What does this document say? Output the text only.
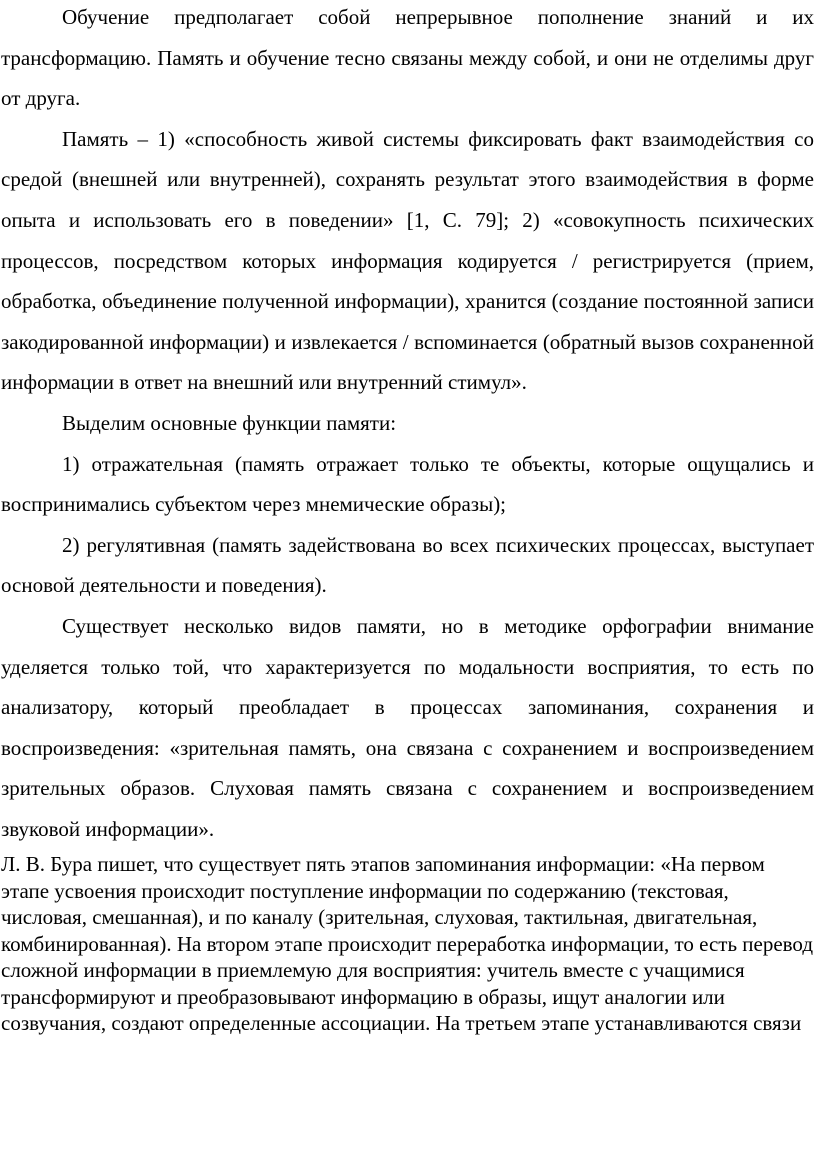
Обучение предполагает собой непрерывное пополнение знаний и их трансформацию. Память и обучение тесно связаны между собой, и они не отделимы друг от друга.

Память – 1) «способность живой системы фиксировать факт взаимодействия со средой (внешней или внутренней), сохранять результат этого взаимодействия в форме опыта и использовать его в поведении» [1, С. 79]; 2) «совокупность психических процессов, посредством которых информация кодируется / регистрируется (прием, обработка, объединение полученной информации), хранится (создание постоянной записи закодированной информации) и извлекается / вспоминается (обратный вызов сохраненной информации в ответ на внешний или внутренний стимул».

Выделим основные функции памяти:

1) отражательная (память отражает только те объекты, которые ощущались и воспринимались субъектом через мнемические образы);

2) регулятивная (память задействована во всех психических процессах, выступает основой деятельности и поведения).

Существует несколько видов памяти, но в методике орфографии внимание уделяется только той, что характеризуется по модальности восприятия, то есть по анализатору, который преобладает в процессах запоминания, сохранения и воспроизведения: «зрительная память, она связана с сохранением и воспроизведением зрительных образов. Слуховая память связана с сохранением и воспроизведением звуковой информации».

Л. В. Бура пишет, что существует пять этапов запоминания информации: «На первом этапе усвоения происходит поступление информации по содержанию (текстовая, числовая, смешанная), и по каналу (зрительная, слуховая, тактильная, двигательная, комбинированная). На втором этапе происходит переработка информации, то есть перевод сложной информации в приемлемую для восприятия: учитель вместе с учащимися трансформируют и преобразовывают информацию в образы, ищут аналогии или созвучания, создают определенные ассоциации. На третьем этапе устанавливаются связи
